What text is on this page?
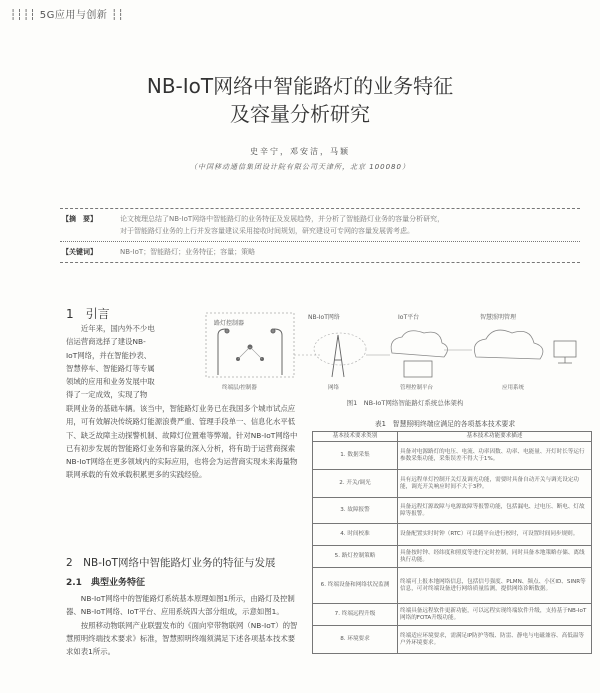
┆┆┆┆ 5G应用与创新 ┆┆
NB-IoT网络中智能路灯的业务特征
及容量分析研究
史辛宁，邓安洁，马颖
（中国移动通信集团设计院有限公司天津所，北京 100080）
【摘　要】	论文梳理总结了NB-IoT网络中智能路灯的业务特征及发展趋势，并分析了智能路灯业务的容量分析研究，
对于智能路灯业务的上行并发容量建议采用接收时间规划，研究建设可专网的容量发展需考虑。
【关键词】	NB-IoT；智能路灯；业务特征；容量；策略
1　引言
近年来，国内外不少电
信运营商选择了建设NB-
IoT网络，并在智能抄表、
智慧停车、智能路灯等专属
领域的应用和业务发展中取
得了一定成效，实现了物
联网业务的基础车辆。该当中，智能路灯业务已在我国多个城市试点应用，可有效解决传统路灯能源浪费严重、管理手段单一、信息化水平低下、缺乏故障主动探警机制、故障灯位置难等弊端。针对NB-IoT网络中已有初步发展的智能路灯业务和容量的深入分析，将有助于运营商探索NB-IoT网络在更多领域内的实际应用，也将会为运营商实现未来海量物联网承载的有效承载积累更多的实践经验。
路灯控制器
NB-IoT网络	IoT平台	智慧照明管理
终端层/控制器	网络	管理控制平台	应用系统
图1　NB-IoT网络智能路灯系统总体架构
2　NB-IoT网络中智能路灯业务的特征与发展
2.1　典型业务特征

NB-IoT网络中的智能路灯系统基本原理如图1所示，由路灯及控制器、NB-IoT网络、IoT平台、应用系统四大部分组成，示意如图1。

按照移动物联网产业联盟发布的《面向窄带物联网（NB-IoT）的智慧照明终端技术要求》标准，智慧照明终端须满足下述各项基本技术要求如表1所示。

表1　智慧照明终端应满足的各项基本技术要求
基本技术要求类别	基本技术功能要求描述
1. 数据采集	具备对电源路灯的电压、电流、功率因数、功率、电能量、开灯时长等运行参数采集功能，采集误差不得大于1%。
2. 开关/调光	具有远程单灯控制开关灯及调光功能，需要时具备自动开关与调光设定功能，调光开关响应时间不大于3秒。
3. 故障报警	具备远程灯源故障与电源故障等报警功能，包括漏电、过电压、断电、灯故障等报警。
4. 时间校准	设备配置实时时钟（RTC）可以随平台进行校时，可设置时间同步规则。
5. 路灯控制策略	具备按时钟、经纬度和照度等进行定时控制，同时具备本地策略存储、离线执行功能。
6. 终端设备和网络状况监测	终端可上报本地网络信息，包括信号强度、PLMN、频点、小区ID、SINR等信息，可对终端设备进行网络质量监测，提供网络诊断数据。
7. 终端远程升级	终端具备远程软件更新功能，可以远程实现终端软件升级，支持基于NB-IoT网络的FOTA升级功能。
8. 环境要求	终端适应环境要求，需满足IP防护等级、防雷、静电与电磁兼容、高低温等户外环境要求。
